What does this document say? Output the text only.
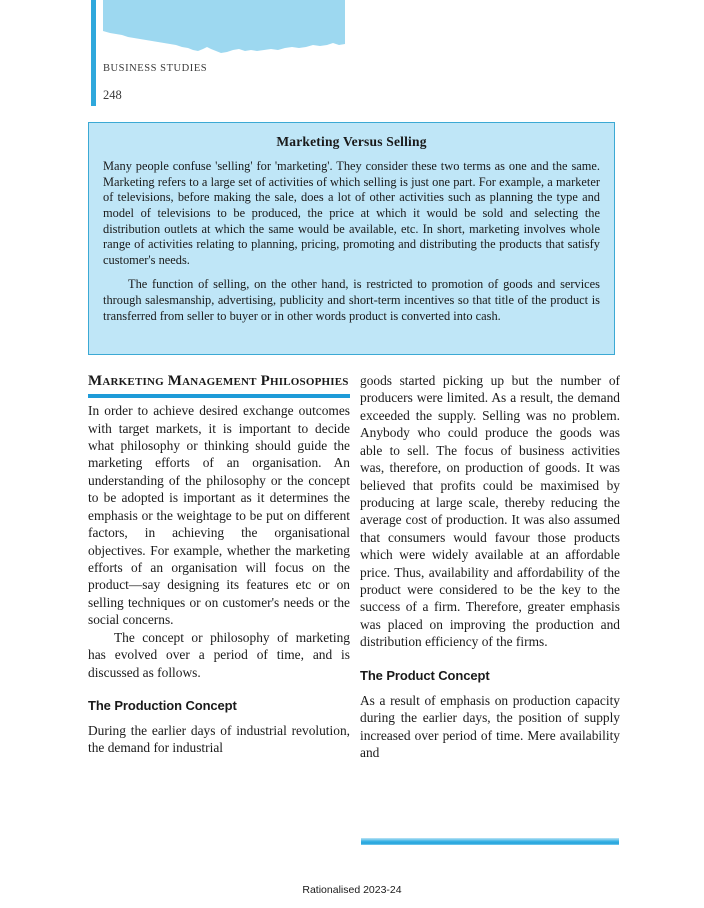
BUSINESS STUDIES
248
Marketing Versus Selling

Many people confuse 'selling' for 'marketing'. They consider these two terms as one and the same. Marketing refers to a large set of activities of which selling is just one part. For example, a marketer of televisions, before making the sale, does a lot of other activities such as planning the type and model of televisions to be produced, the price at which it would be sold and selecting the distribution outlets at which the same would be available, etc. In short, marketing involves whole range of activities relating to planning, pricing, promoting and distributing the products that satisfy customer's needs.

The function of selling, on the other hand, is restricted to promotion of goods and services through salesmanship, advertising, publicity and short-term incentives so that title of the product is transferred from seller to buyer or in other words product is converted into cash.

Marketing Management Philosophies

In order to achieve desired exchange outcomes with target markets, it is important to decide what philosophy or thinking should guide the marketing efforts of an organisation. An understanding of the philosophy or the concept to be adopted is important as it determines the emphasis or the weightage to be put on different factors, in achieving the organisational objectives. For example, whether the marketing efforts of an organisation will focus on the product—say designing its features etc or on selling techniques or on customer's needs or the social concerns.

The concept or philosophy of marketing has evolved over a period of time, and is discussed as follows.

The Production Concept

During the earlier days of industrial revolution, the demand for industrial

goods started picking up but the number of producers were limited. As a result, the demand exceeded the supply. Selling was no problem. Anybody who could produce the goods was able to sell. The focus of business activities was, therefore, on production of goods. It was believed that profits could be maximised by producing at large scale, thereby reducing the average cost of production. It was also assumed that consumers would favour those products which were widely available at an affordable price. Thus, availability and affordability of the product were considered to be the key to the success of a firm. Therefore, greater emphasis was placed on improving the production and distribution efficiency of the firms.

The Product Concept

As a result of emphasis on production capacity during the earlier days, the position of supply increased over period of time. Mere availability and

Rationalised 2023-24
